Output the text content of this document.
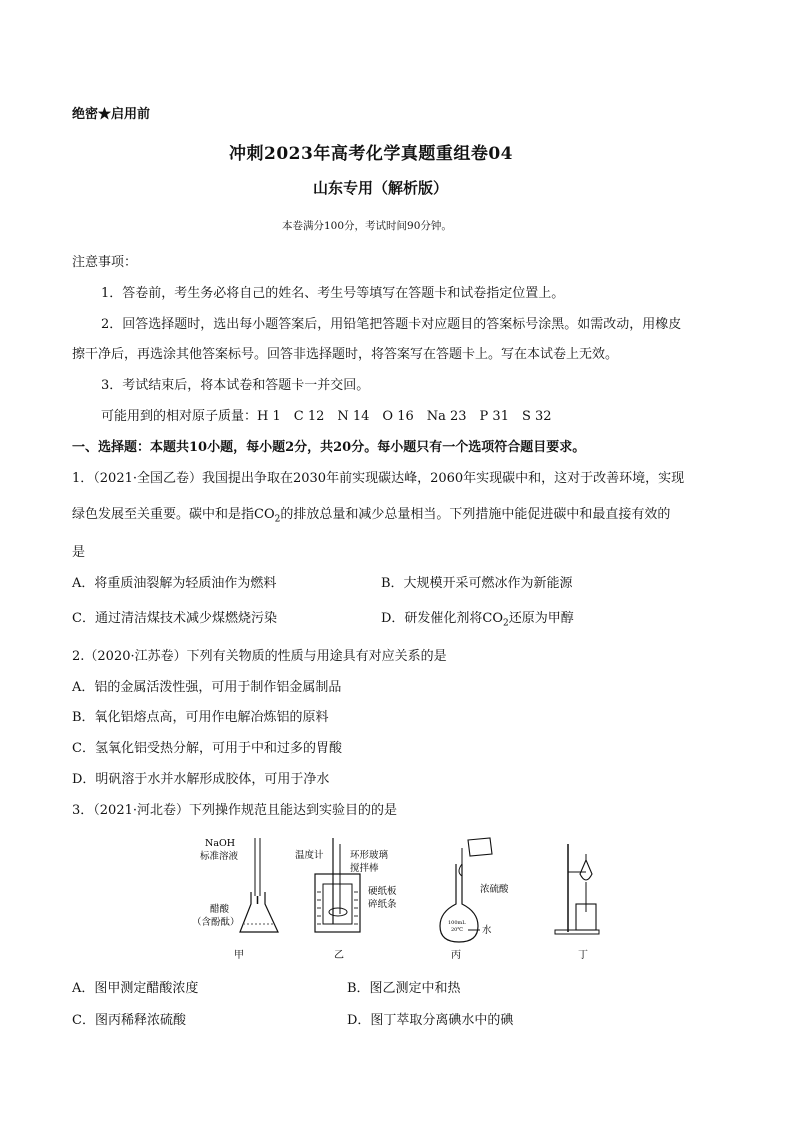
绝密★启用前
冲刺2023年高考化学真题重组卷04
山东专用（解析版）
本卷满分100分，考试时间90分钟。
注意事项：
1．答卷前，考生务必将自己的姓名、考生号等填写在答题卡和试卷指定位置上。
2．回答选择题时，选出每小题答案后，用铅笔把答题卡对应题目的答案标号涂黑。如需改动，用橡皮
擦干净后，再选涂其他答案标号。回答非选择题时，将答案写在答题卡上。写在本试卷上无效。
3．考试结束后，将本试卷和答题卡一并交回。
可能用到的相对原子质量：H 1　C 12　N 14　O 16　Na 23　P 31　S 32
一、选择题：本题共10小题，每小题2分，共20分。每小题只有一个选项符合题目要求。
1．（2021·全国乙卷）我国提出争取在2030年前实现碳达峰，2060年实现碳中和，这对于改善环境，实现
绿色发展至关重要。碳中和是指$CO_2$的排放总量和减少总量相当。下列措施中能促进碳中和最直接有效的
是
A．将重质油裂解为轻质油作为燃料	B．大规模开采可燃冰作为新能源
C．通过清洁煤技术减少煤燃烧污染	D．研发催化剂将$CO_2$还原为甲醇
2.（2020·江苏卷）下列有关物质的性质与用途具有对应关系的是
A．铝的金属活泼性强，可用于制作铝金属制品
B．氧化铝熔点高，可用作电解冶炼铝的原料
C．氢氧化铝受热分解，可用于中和过多的胃酸
D．明矾溶于水并水解形成胶体，可用于净水
3．（2021·河北卷）下列操作规范且能达到实验目的的是
NaOH
标准溶液
醋酸
（含酚酞）
甲
温度计	环形玻璃
搅拌棒
硬纸板
碎纸条
乙
浓硫酸
100mL
20℃ 水
丙	丁
A．图甲测定醋酸浓度	B．图乙测定中和热
C．图丙稀释浓硫酸	D．图丁萃取分离碘水中的碘
